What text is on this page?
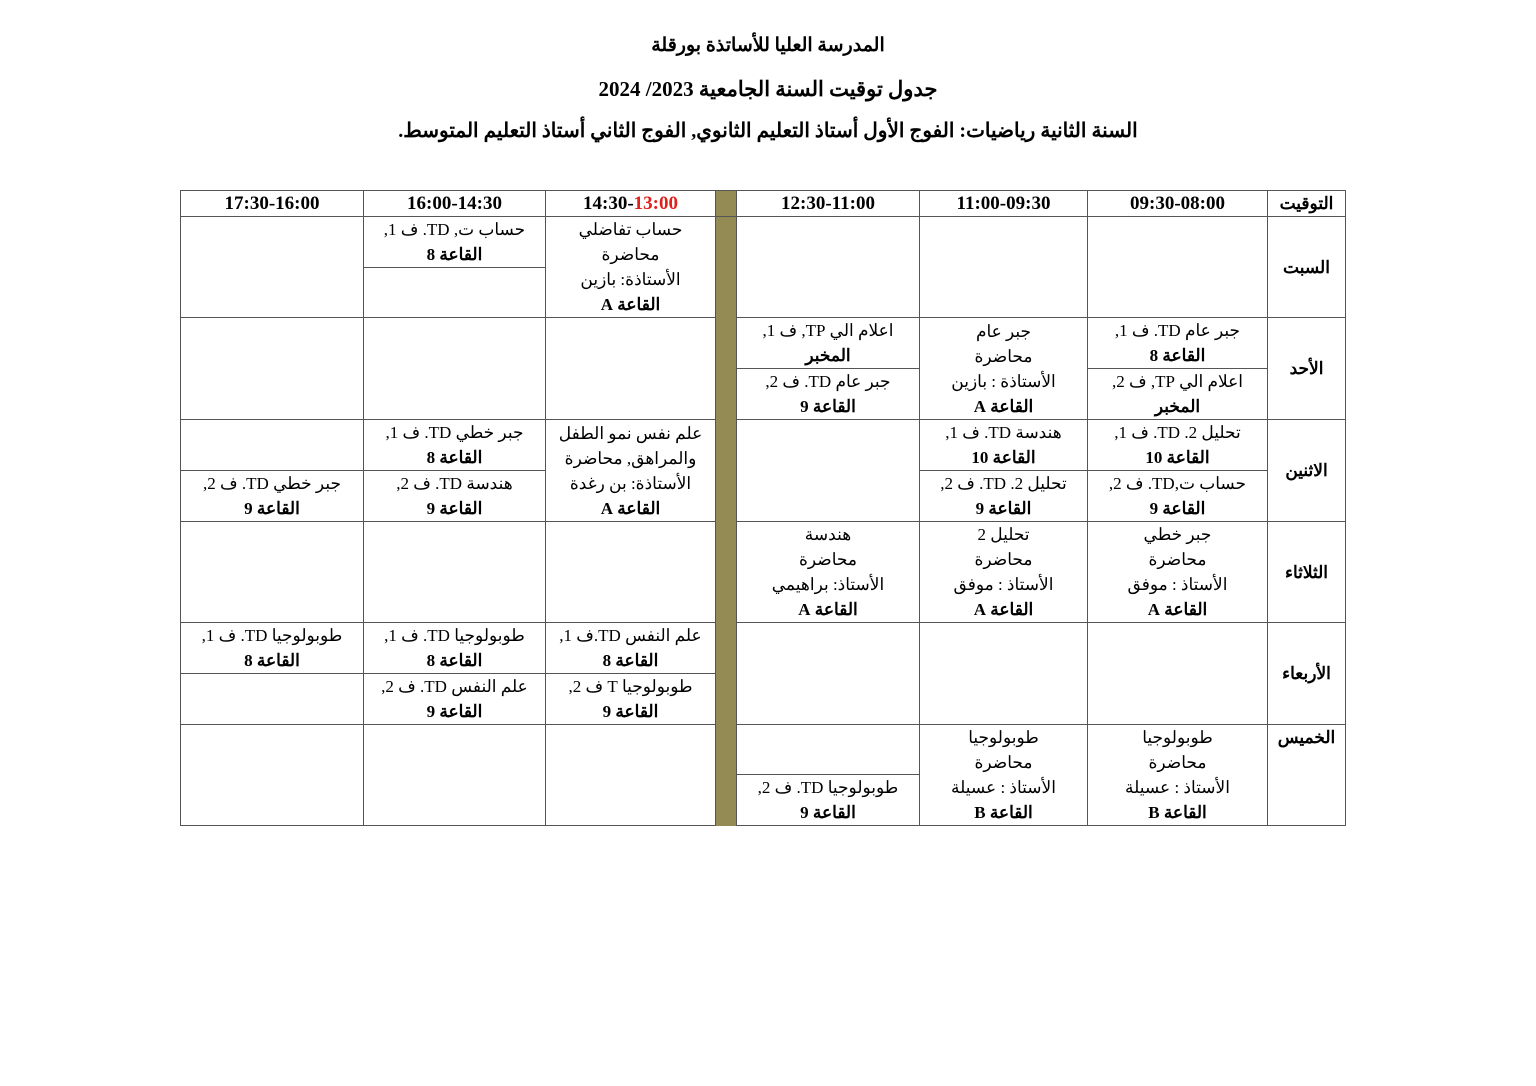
المدرسة العليا للأساتذة بورقلة
جدول توقيت السنة الجامعية 2023/ 2024
السنة الثانية رياضيات: الفوج الأول أستاذ التعليم الثانوي, الفوج الثاني أستاذ التعليم المتوسط.
التوقيت	09:30-08:00	11:00-09:30	12:30-11:00		14:30-13:00	16:00-14:30	17:30-16:00
السبت					حساب تفاضلي
محاضرة
الأستاذة: بازين
القاعة A	حساب ت, TD. ف 1,
القاعة 8	

الأحد	جبر عام TD. ف 1,
القاعة 8	جبر عام
محاضرة
الأستاذة : بازين
القاعة A	اعلام الي TP, ف 1,
المخبر				

	اعلام الي TP, ف 2,
المخبر		جبر عام TD. ف 2,
القاعة 9				

الاثنين	تحليل 2. TD. ف 1,
القاعة 10	هندسة TD. ف 1,
القاعة 10			علم نفس نمو الطفل
والمراهق, محاضرة
الأستاذة: بن رغدة
القاعة A	جبر خطي TD. ف 1,
القاعة 8	

	حساب ت,TD. ف 2,
القاعة 9	تحليل 2. TD. ف 2,
القاعة 9				هندسة TD. ف 2,
القاعة 9	جبر خطي TD. ف 2,
القاعة 9

الثلاثاء	جبر خطي
محاضرة
الأستاذ : موفق
القاعة A	تحليل 2
محاضرة
الأستاذ : موفق
القاعة A	هندسة
محاضرة
الأستاذ: براهيمي
القاعة A				

الأربعاء					علم النفس TD.ف 1,
القاعة 8	طوبولوجيا TD. ف 1,
القاعة 8	طوبولوجيا TD. ف 1,
القاعة 8

					طوبولوجيا T ف 2,
القاعة 9	علم النفس TD. ف 2,
القاعة 9	

الخميس	طوبولوجيا
محاضرة
الأستاذ : عسيلة
القاعة B	طوبولوجيا
محاضرة
الأستاذ : عسيلة
القاعة B					

			طوبولوجيا TD. ف 2,
القاعة 9				
